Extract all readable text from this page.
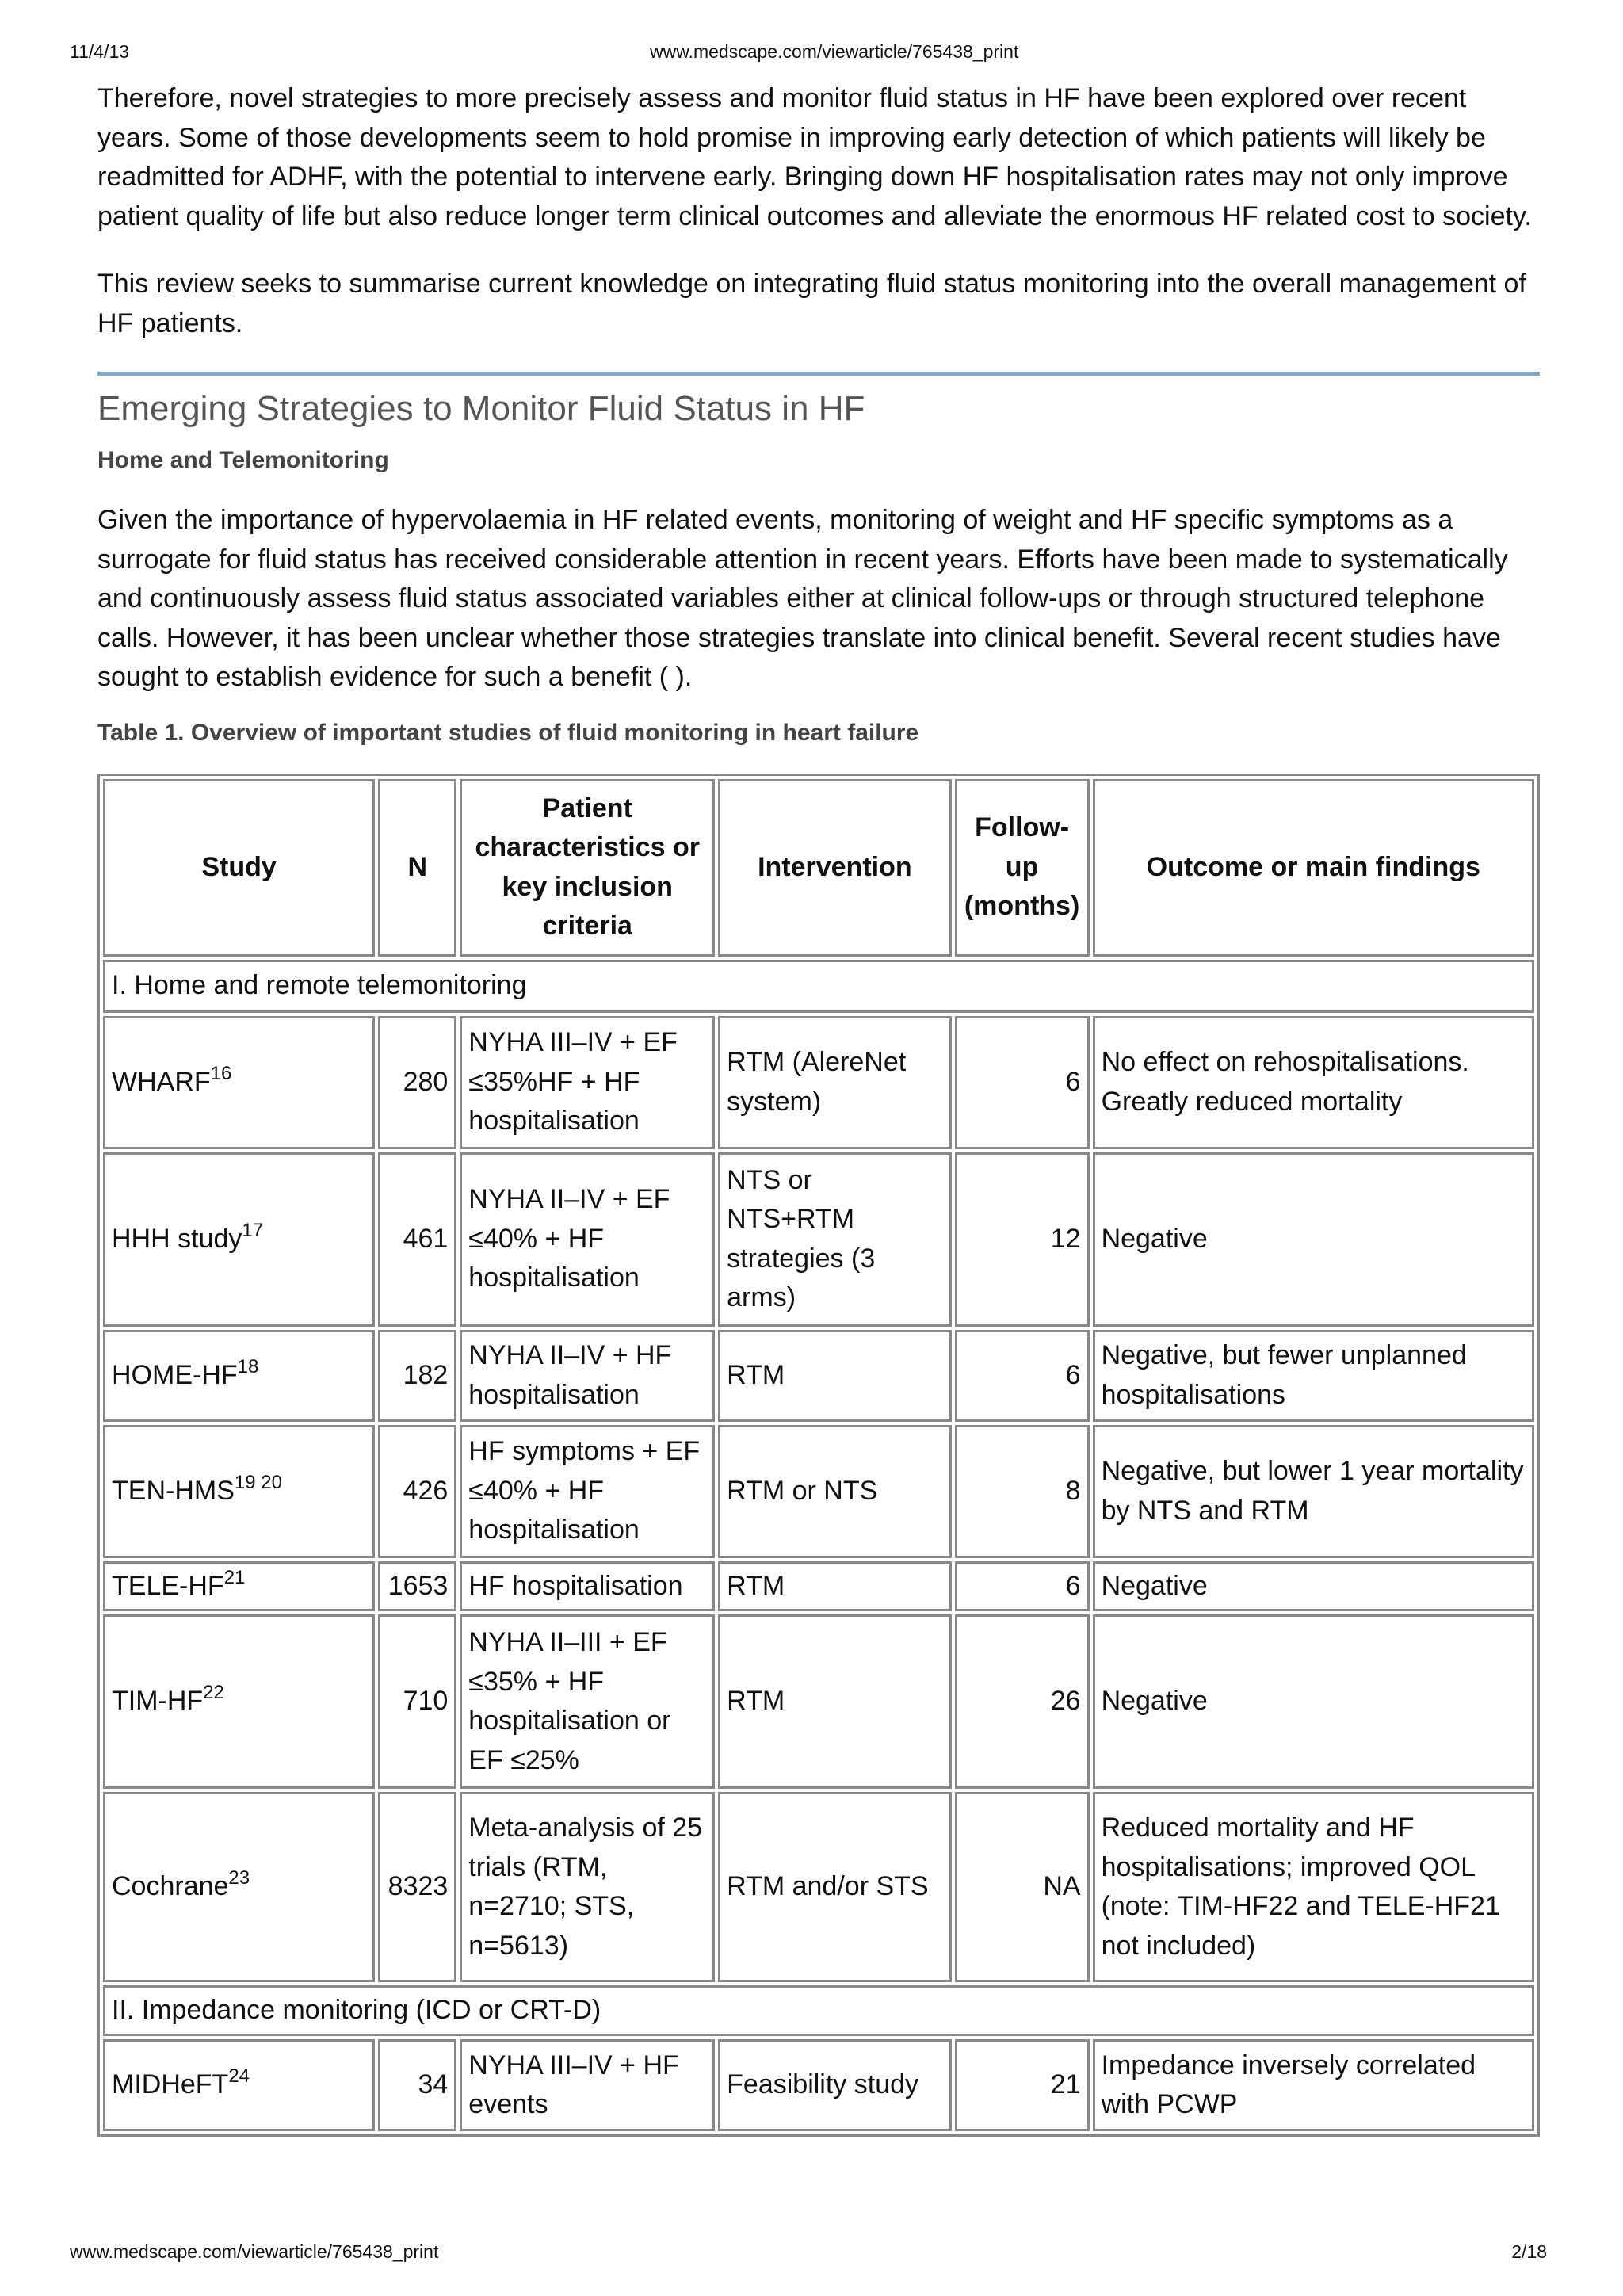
11/4/13	www.medscape.com/viewarticle/765438_print

Therefore, novel strategies to more precisely assess and monitor fluid status in HF have been explored over recent years. Some of those developments seem to hold promise in improving early detection of which patients will likely be readmitted for ADHF, with the potential to intervene early. Bringing down HF hospitalisation rates may not only improve patient quality of life but also reduce longer term clinical outcomes and alleviate the enormous HF related cost to society.

This review seeks to summarise current knowledge on integrating fluid status monitoring into the overall management of HF patients.

Emerging Strategies to Monitor Fluid Status in HF
Home and Telemonitoring

Given the importance of hypervolaemia in HF related events, monitoring of weight and HF specific symptoms as a surrogate for fluid status has received considerable attention in recent years. Efforts have been made to systematically and continuously assess fluid status associated variables either at clinical follow-ups or through structured telephone calls. However, it has been unclear whether those strategies translate into clinical benefit. Several recent studies have sought to establish evidence for such a benefit ( ).

Table 1. Overview of important studies of fluid monitoring in heart failure
Study	N	Patient characteristics or key inclusion criteria	Intervention	Follow-up (months)	Outcome or main findings
I. Home and remote telemonitoring					
WHARF$^{16}$	280	NYHA III–IV + EF ≤35%HF + HF hospitalisation	RTM (AlereNet system)	6	No effect on rehospitalisations. Greatly reduced mortality
HHH study$^{17}$	461	NYHA II–IV + EF ≤40% + HF hospitalisation	NTS or NTS+RTM strategies (3 arms)	12	Negative
HOME-HF$^{18}$	182	NYHA II–IV + HF hospitalisation	RTM	6	Negative, but fewer unplanned hospitalisations
TEN-$HMS^{19 20}$	426	HF symptoms + EF ≤40% + HF hospitalisation	RTM or NTS	8	Negative, but lower 1 year mortality by NTS and RTM
TELE-HF$^{21}$	1653	HF hospitalisation	RTM	6	Negative
TIM-HF$^{22}$	710	NYHA II–III + EF ≤35% + HF hospitalisation or EF ≤25%	RTM	26	Negative
Cochrane$^{23}$	8323	Meta-analysis of 25 trials (RTM, n=2710; STS, n=5613)	RTM and/or STS	NA	Reduced mortality and HF hospitalisations; improved QOL (note: TIM-HF22 and TELE-HF21 not included)
II. Impedance monitoring (ICD or CRT-D)					
MIDHeFT$^{24}$	34	NYHA III–IV + HF events	Feasibility study	21	Impedance inversely correlated with PCWP
www.medscape.com/viewarticle/765438_print	2/18
